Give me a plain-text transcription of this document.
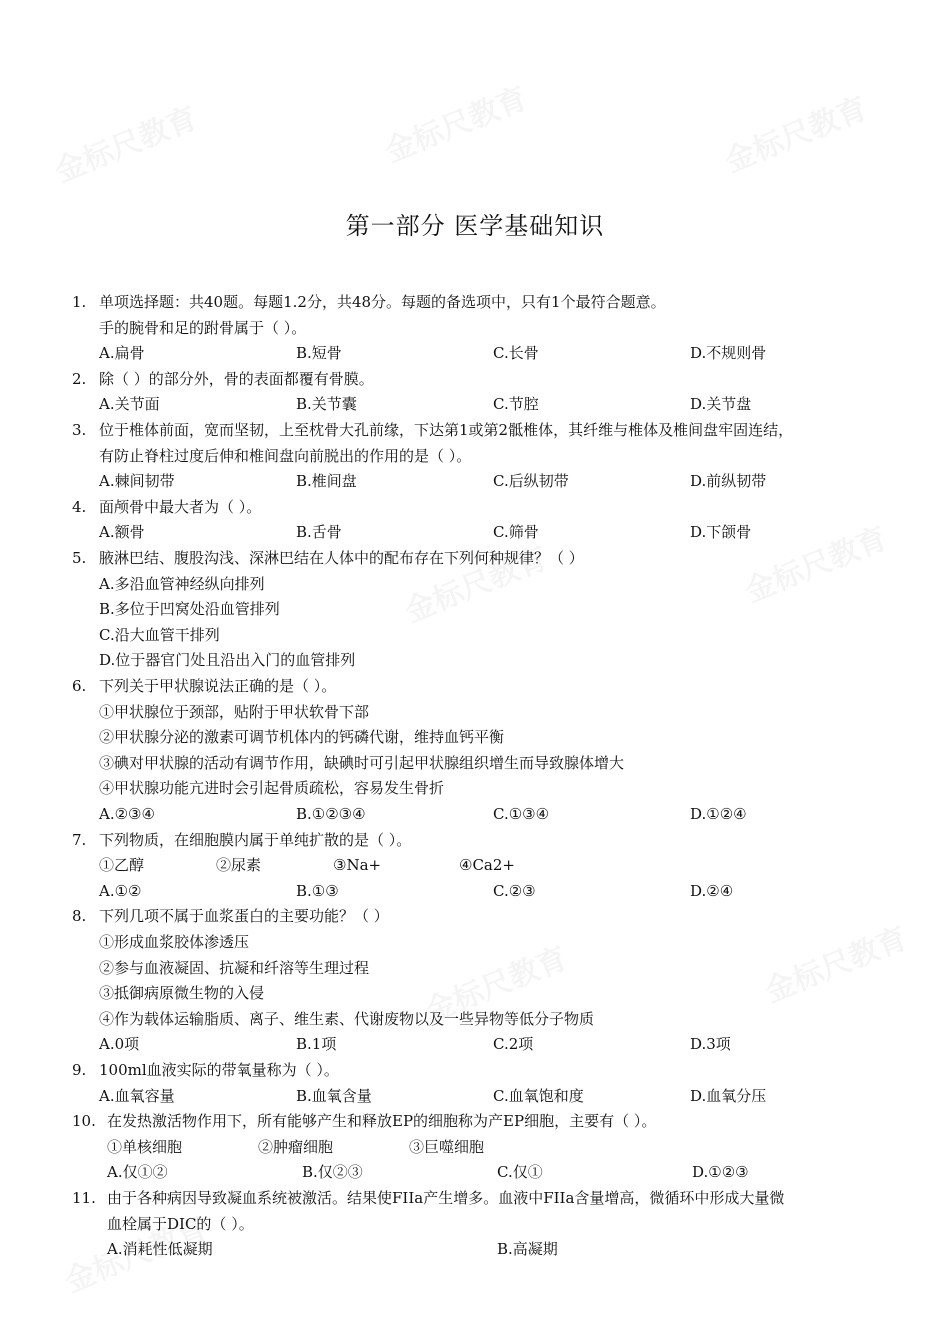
第一部分 医学基础知识
1. 单项选择题：共40题。每题1.2分，共48分。每题的备选项中，只有1个最符合题意。
手的腕骨和足的跗骨属于（ ）。
A.扁骨	B.短骨	C.长骨	D.不规则骨
2. 除（ ）的部分外，骨的表面都覆有骨膜。
A.关节面	B.关节囊	C.节腔	D.关节盘
3. 位于椎体前面，宽而坚韧，上至枕骨大孔前缘，下达第1或第2骶椎体，其纤维与椎体及椎间盘牢固连结，
有防止脊柱过度后伸和椎间盘向前脱出的作用的是（ ）。
A.棘间韧带	B.椎间盘	C.后纵韧带	D.前纵韧带
4. 面颅骨中最大者为（ ）。
A.额骨	B.舌骨	C.筛骨	D.下颌骨
5. 腋淋巴结、腹股沟浅、深淋巴结在人体中的配布存在下列何种规律？（ ）
A.多沿血管神经纵向排列
B.多位于凹窝处沿血管排列
C.沿大血管干排列
D.位于器官门处且沿出入门的血管排列
6. 下列关于甲状腺说法正确的是（ ）。
①甲状腺位于颈部，贴附于甲状软骨下部
②甲状腺分泌的激素可调节机体内的钙磷代谢，维持血钙平衡
③碘对甲状腺的活动有调节作用，缺碘时可引起甲状腺组织增生而导致腺体增大
④甲状腺功能亢进时会引起骨质疏松，容易发生骨折
A.②③④	B.①②③④	C.①③④	D.①②④
7. 下列物质，在细胞膜内属于单纯扩散的是（ ）。
①乙醇	②尿素	③Na+	④Ca2+
A.①②	B.①③	C.②③	D.②④
8. 下列几项不属于血浆蛋白的主要功能？（ ）
①形成血浆胶体渗透压
②参与血液凝固、抗凝和纤溶等生理过程
③抵御病原微生物的入侵
④作为载体运输脂质、离子、维生素、代谢废物以及一些异物等低分子物质
A.0项	B.1项	C.2项	D.3项
9. 100ml血液实际的带氧量称为（ ）。
A.血氧容量	B.血氧含量	C.血氧饱和度	D.血氧分压
10. 在发热激活物作用下，所有能够产生和释放EP的细胞称为产EP细胞，主要有（ ）。
①单核细胞	②肿瘤细胞	③巨噬细胞
A.仅①②	B.仅②③	C.仅①	D.①②③
11. 由于各种病因导致凝血系统被激活。结果使FIIa产生增多。血液中FIIa含量增高，微循环中形成大量微
血栓属于DIC的（ ）。
A.消耗性低凝期	B.高凝期
